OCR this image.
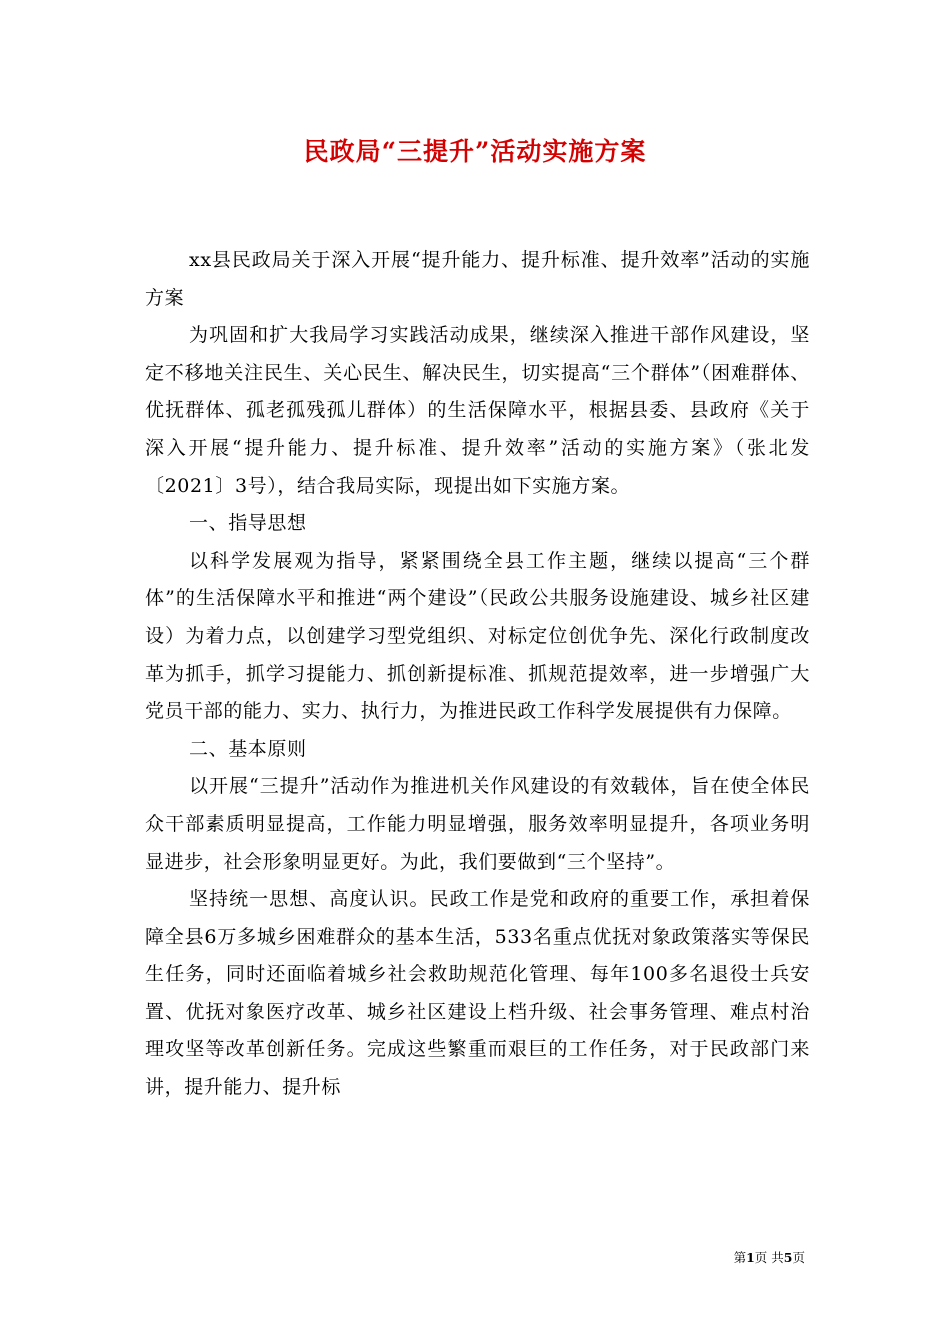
民政局“三提升”活动实施方案

xx县民政局关于深入开展“提升能力、提升标准、提升效率”活动的实施方案

为巩固和扩大我局学习实践活动成果，继续深入推进干部作风建设，坚定不移地关注民生、关心民生、解决民生，切实提高“三个群体”（困难群体、优抚群体、孤老孤残孤儿群体）的生活保障水平，根据县委、县政府《关于深入开展“提升能力、提升标准、提升效率”活动的实施方案》（张北发〔2021〕3号），结合我局实际，现提出如下实施方案。

一、指导思想

以科学发展观为指导，紧紧围绕全县工作主题，继续以提高“三个群体”的生活保障水平和推进“两个建设”（民政公共服务设施建设、城乡社区建设）为着力点，以创建学习型党组织、对标定位创优争先、深化行政制度改革为抓手，抓学习提能力、抓创新提标准、抓规范提效率，进一步增强广大党员干部的能力、实力、执行力，为推进民政工作科学发展提供有力保障。

二、基本原则

以开展“三提升”活动作为推进机关作风建设的有效载体，旨在使全体民众干部素质明显提高，工作能力明显增强，服务效率明显提升，各项业务明显进步，社会形象明显更好。为此，我们要做到“三个坚持”。

坚持统一思想、高度认识。民政工作是党和政府的重要工作，承担着保障全县6万多城乡困难群众的基本生活，533名重点优抚对象政策落实等保民生任务，同时还面临着城乡社会救助规范化管理、每年100多名退役士兵安置、优抚对象医疗改革、城乡社区建设上档升级、社会事务管理、难点村治理攻坚等改革创新任务。完成这些繁重而艰巨的工作任务，对于民政部门来讲，提升能力、提升标

第1页 共5页
